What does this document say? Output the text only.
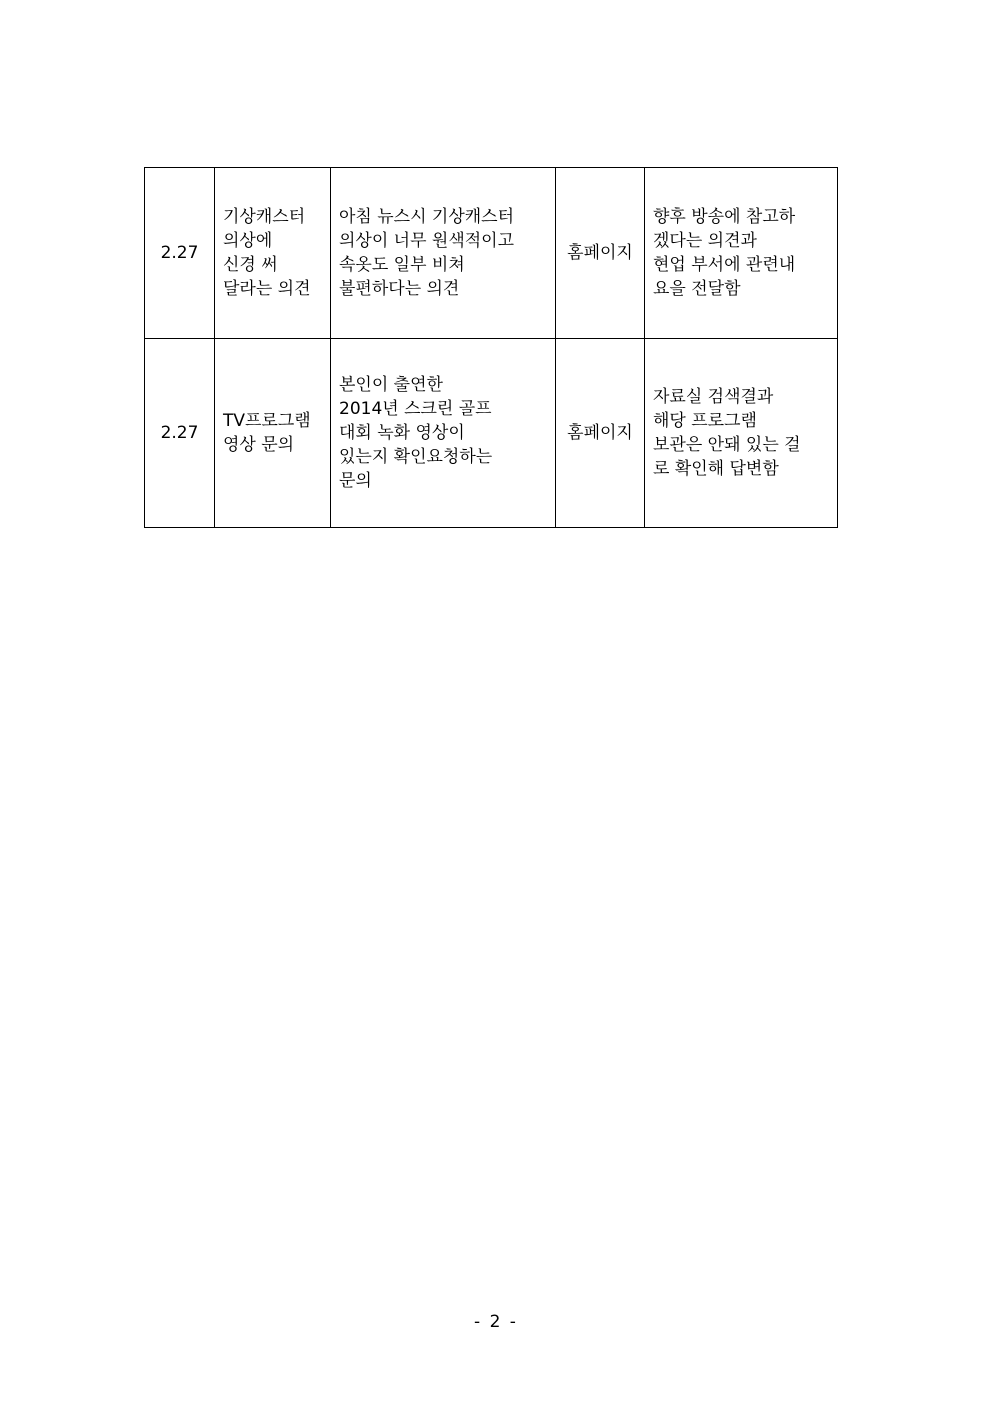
2.27	기상캐스터
의상에
신경 써
달라는 의견	아침 뉴스시 기상캐스터
의상이 너무 원색적이고
속옷도 일부 비쳐
불편하다는 의견	홈페이지	향후 방송에 참고하
겠다는 의견과
현업 부서에 관련내
요을 전달함
2.27	TV프로그램
영상 문의	본인이 출연한
2014년 스크린 골프
대회 녹화 영상이
있는지 확인요청하는
문의	홈페이지	자료실 검색결과
해당 프로그램
보관은 안돼 있는 걸
로 확인해 답변함
- 2 -
